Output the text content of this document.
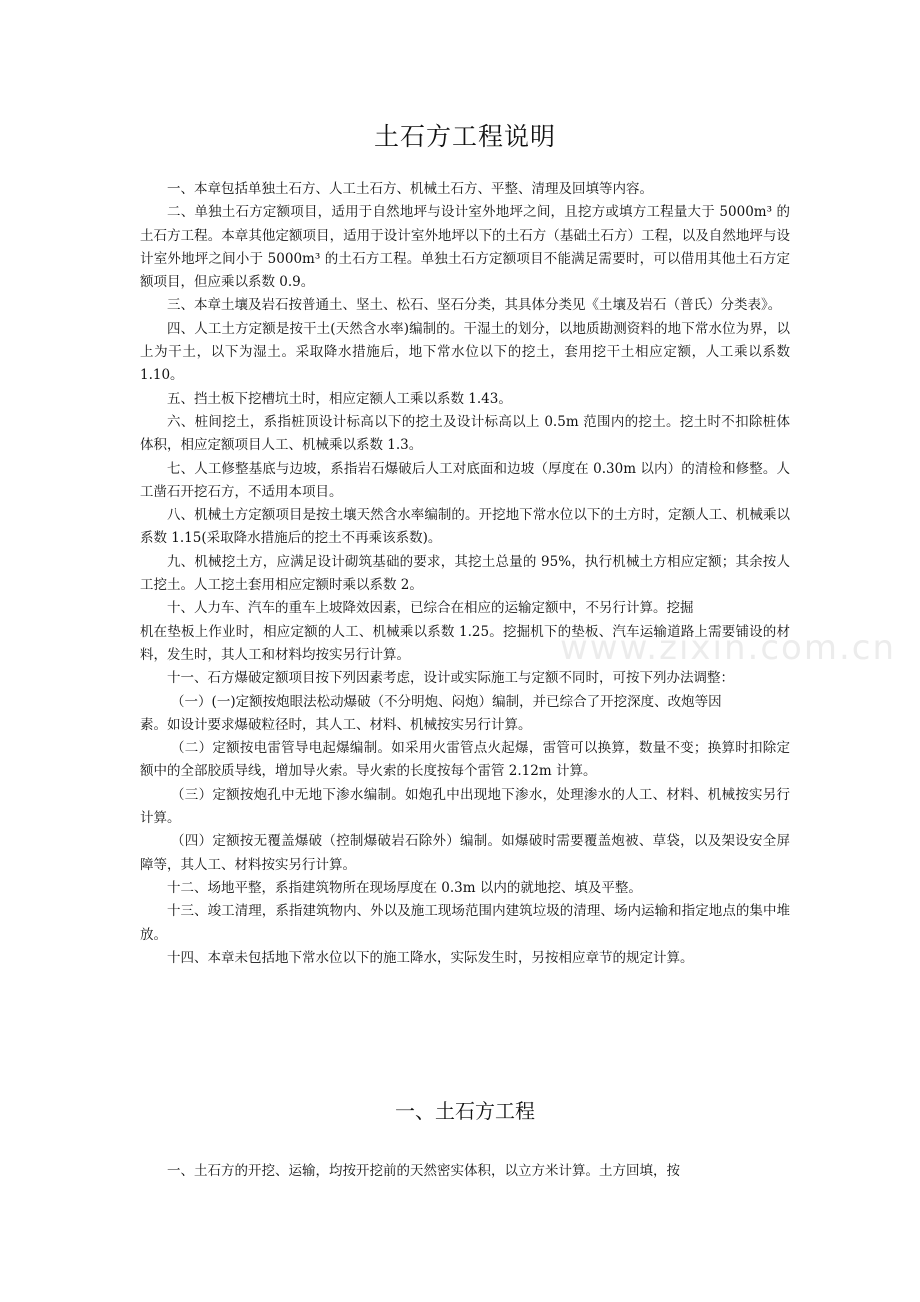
土石方工程说明

一、本章包括单独土石方、人工土石方、机械土石方、平整、清理及回填等内容。

二、单独土石方定额项目，适用于自然地坪与设计室外地坪之间，且挖方或填方工程量大于 5000m³ 的土石方工程。本章其他定额项目，适用于设计室外地坪以下的土石方（基础土石方）工程，以及自然地坪与设计室外地坪之间小于 5000m³ 的土石方工程。单独土石方定额项目不能满足需要时，可以借用其他土石方定额项目，但应乘以系数 0.9。

三、本章土壤及岩石按普通土、坚土、松石、坚石分类，其具体分类见《土壤及岩石（普氏）分类表》。

四、人工土方定额是按干土(天然含水率)编制的。干湿土的划分，以地质勘测资料的地下常水位为界，以上为干土，以下为湿土。采取降水措施后，地下常水位以下的挖土，套用挖干土相应定额，人工乘以系数 1.10。

五、挡土板下挖槽坑土时，相应定额人工乘以系数 1.43。

六、桩间挖土，系指桩顶设计标高以下的挖土及设计标高以上 0.5m 范围内的挖土。挖土时不扣除桩体体积，相应定额项目人工、机械乘以系数 1.3。

七、人工修整基底与边坡，系指岩石爆破后人工对底面和边坡（厚度在 0.30m 以内）的清检和修整。人工凿石开挖石方，不适用本项目。

八、机械土方定额项目是按土壤天然含水率编制的。开挖地下常水位以下的土方时，定额人工、机械乘以系数 1.15(采取降水措施后的挖土不再乘该系数)。

九、机械挖土方，应满足设计砌筑基础的要求，其挖土总量的 95%，执行机械土方相应定额；其余按人工挖土。人工挖土套用相应定额时乘以系数 2。

十、人力车、汽车的重车上坡降效因素，已综合在相应的运输定额中，不另行计算。挖掘

机在垫板上作业时，相应定额的人工、机械乘以系数 1.25。挖掘机下的垫板、汽车运输道路上需要铺设的材料，发生时，其人工和材料均按实另行计算。

十一、石方爆破定额项目按下列因素考虑，设计或实际施工与定额不同时，可按下列办法调整：

（一）(一)定额按炮眼法松动爆破（不分明炮、闷炮）编制，并已综合了开挖深度、改炮等因

素。如设计要求爆破粒径时，其人工、材料、机械按实另行计算。

（二）定额按电雷管导电起爆编制。如采用火雷管点火起爆，雷管可以换算，数量不变；换算时扣除定额中的全部胶质导线，增加导火索。导火索的长度按每个雷管 2.12m 计算。

（三）定额按炮孔中无地下渗水编制。如炮孔中出现地下渗水，处理渗水的人工、材料、机械按实另行计算。

（四）定额按无覆盖爆破（控制爆破岩石除外）编制。如爆破时需要覆盖炮被、草袋，以及架设安全屏障等，其人工、材料按实另行计算。

十二、场地平整，系指建筑物所在现场厚度在 0.3m 以内的就地挖、填及平整。

十三、竣工清理，系指建筑物内、外以及施工现场范围内建筑垃圾的清理、场内运输和指定地点的集中堆放。

十四、本章未包括地下常水位以下的施工降水，实际发生时，另按相应章节的规定计算。

一、土石方工程

一、土石方的开挖、运输，均按开挖前的天然密实体积，以立方米计算。土方回填，按

www.zixin.com.cn
